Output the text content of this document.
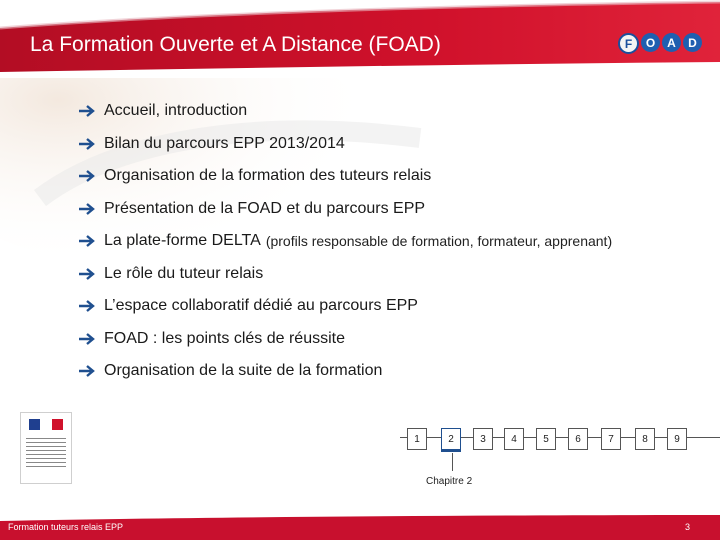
La Formation Ouverte et A Distance (FOAD)	F	O A	D
Accueil, introduction
Bilan du parcours EPP 2013/2014
Organisation de la formation des tuteurs relais
Présentation de la FOAD et du parcours EPP
La plate-forme DELTA (profils responsable de formation, formateur, apprenant)
Le rôle du tuteur relais
L’espace collaboratif dédié au parcours EPP
FOAD : les points clés de réussite
Organisation de la suite de la formation
1	2	3	4	5	6	7	8	9
Chapitre 2
Formation tuteurs relais EPP	3
